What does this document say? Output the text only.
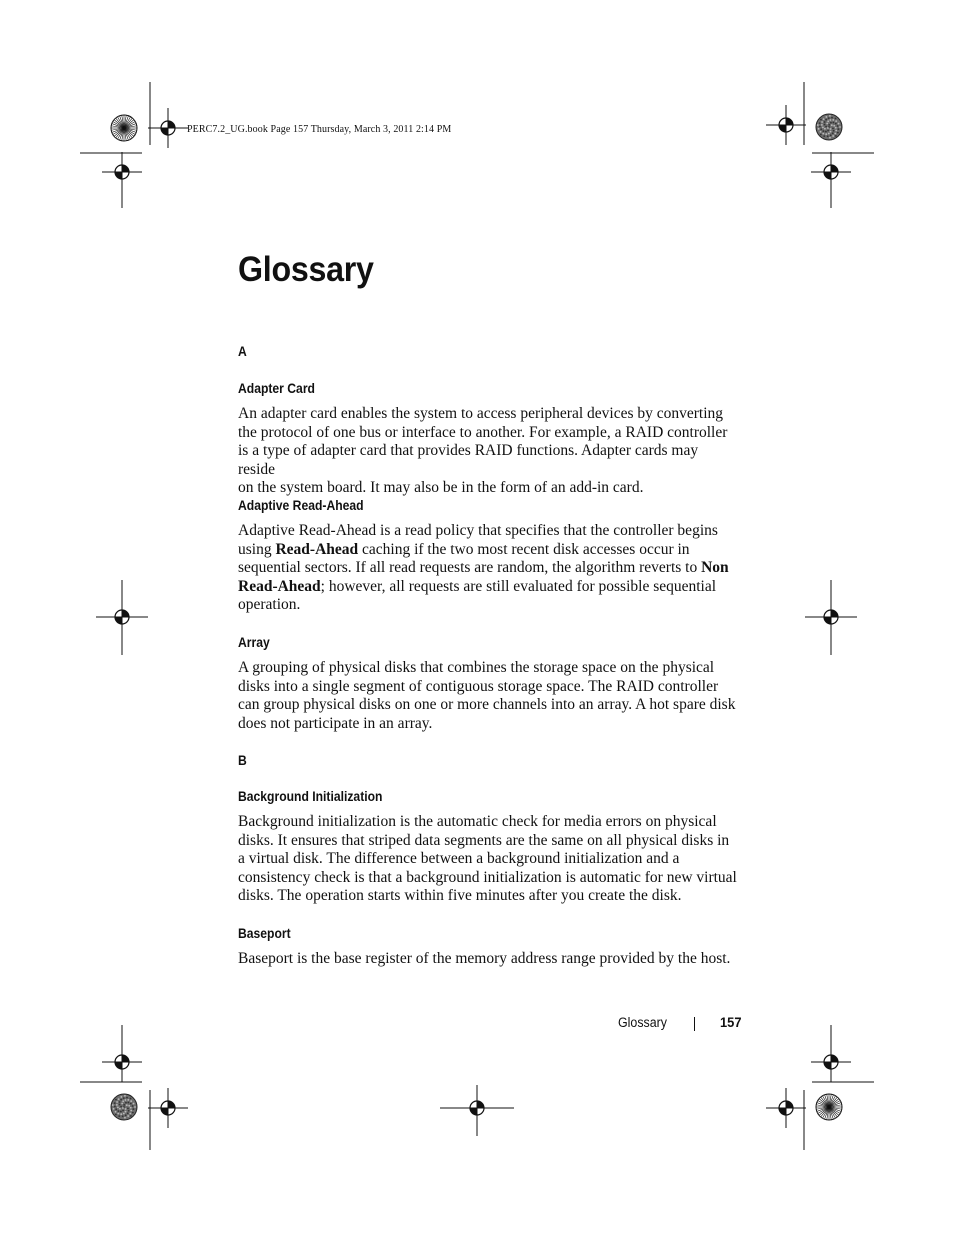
PERC7.2_UG.book Page 157 Thursday, March 3, 2011 2:14 PM
Glossary
A
Adapter Card
An adapter card enables the system to access peripheral devices by converting
the protocol of one bus or interface to another. For example, a RAID controller
is a type of adapter card that provides RAID functions. Adapter cards may reside
on the system board. It may also be in the form of an add-in card.
Adaptive Read-Ahead

Adaptive Read-Ahead is a read policy that specifies that the controller begins using Read-Ahead caching if the two most recent disk accesses occur in sequential sectors. If all read requests are random, the algorithm reverts to Non Read-Ahead; however, all requests are still evaluated for possible sequential operation.

Array
A grouping of physical disks that combines the storage space on the physical
disks into a single segment of contiguous storage space. The RAID controller
can group physical disks on one or more channels into an array. A hot spare disk
does not participate in an array.
B
Background Initialization
Background initialization is the automatic check for media errors on physical
disks. It ensures that striped data segments are the same on all physical disks in
a virtual disk. The difference between a background initialization and a
consistency check is that a background initialization is automatic for new virtual
disks. The operation starts within five minutes after you create the disk.
Baseport
Baseport is the base register of the memory address range provided by the host.
Glossary	157
